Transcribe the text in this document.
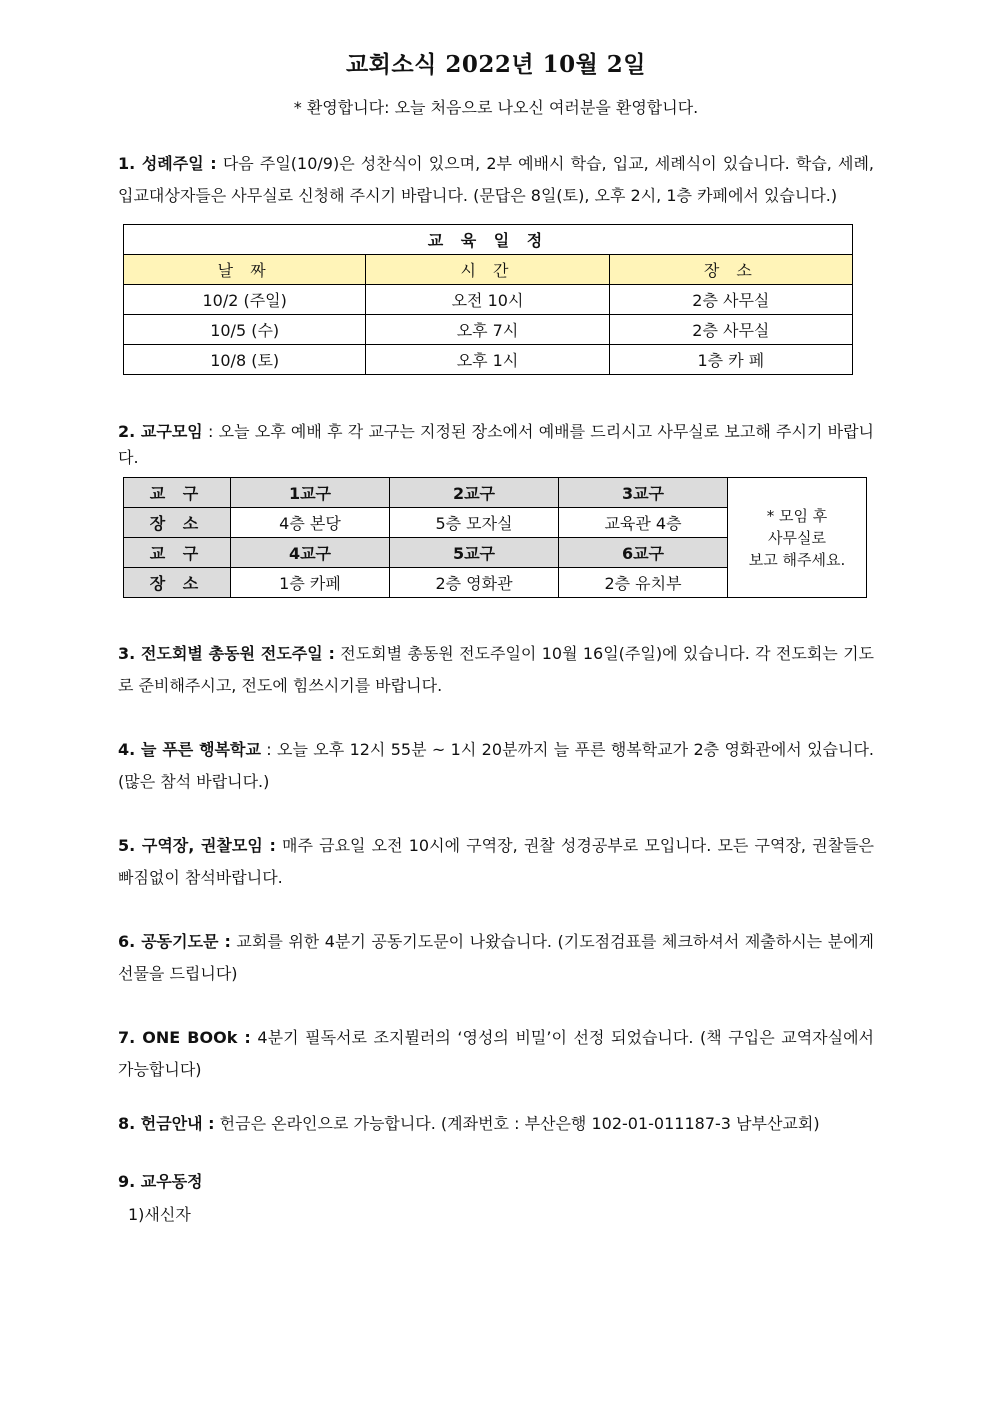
교회소식 2022년 10월 2일
* 환영합니다: 오늘 처음으로 나오신 여러분을 환영합니다.
1. 성례주일 : 다음 주일(10/9)은 성찬식이 있으며, 2부 예배시 학습, 입교, 세례식이 있습니다. 학습, 세례, 입교대상자들은 사무실로 신청해 주시기 바랍니다. (문답은 8일(토), 오후 2시, 1층 카페에서 있습니다.)
교 육 일 정		
날 짜	시 간	장 소
10/2 (주일)	오전 10시	2층 사무실
10/5 (수)	오후 7시	2층 사무실
10/8 (토)	오후 1시	1층 카 페
2. 교구모임 : 오늘 오후 예배 후 각 교구는 지정된 장소에서 예배를 드리시고 사무실로 보고해 주시기 바랍니다.
교 구	1교구	2교구	3교구	* 모임 후
사무실로
보고 해주세요.

장 소	4층 본당	5층 모자실	교육관 4층	
교 구	4교구	5교구	6교구	
장 소	1층 카페	2층 영화관	2층 유치부	
3. 전도회별 총동원 전도주일 : 전도회별 총동원 전도주일이 10월 16일(주일)에 있습니다. 각 전도회는 기도로 준비해주시고, 전도에 힘쓰시기를 바랍니다.
4. 늘 푸른 행복학교 : 오늘 오후 12시 55분 ~ 1시 20분까지 늘 푸른 행복학교가 2층 영화관에서 있습니다. (많은 참석 바랍니다.)
5. 구역장, 권찰모임 : 매주 금요일 오전 10시에 구역장, 권찰 성경공부로 모입니다. 모든 구역장, 권찰들은 빠짐없이 참석바랍니다.
6. 공동기도문 : 교회를 위한 4분기 공동기도문이 나왔습니다. (기도점검표를 체크하셔서 제출하시는 분에게 선물을 드립니다)
7. ONE BOOk : 4분기 필독서로 조지뮐러의 ‘영성의 비밀’이 선정 되었습니다. (책 구입은 교역자실에서 가능합니다)
8. 헌금안내 : 헌금은 온라인으로 가능합니다. (계좌번호 : 부산은행 102-01-011187-3 남부산교회)
9. 교우동정
1)새신자
